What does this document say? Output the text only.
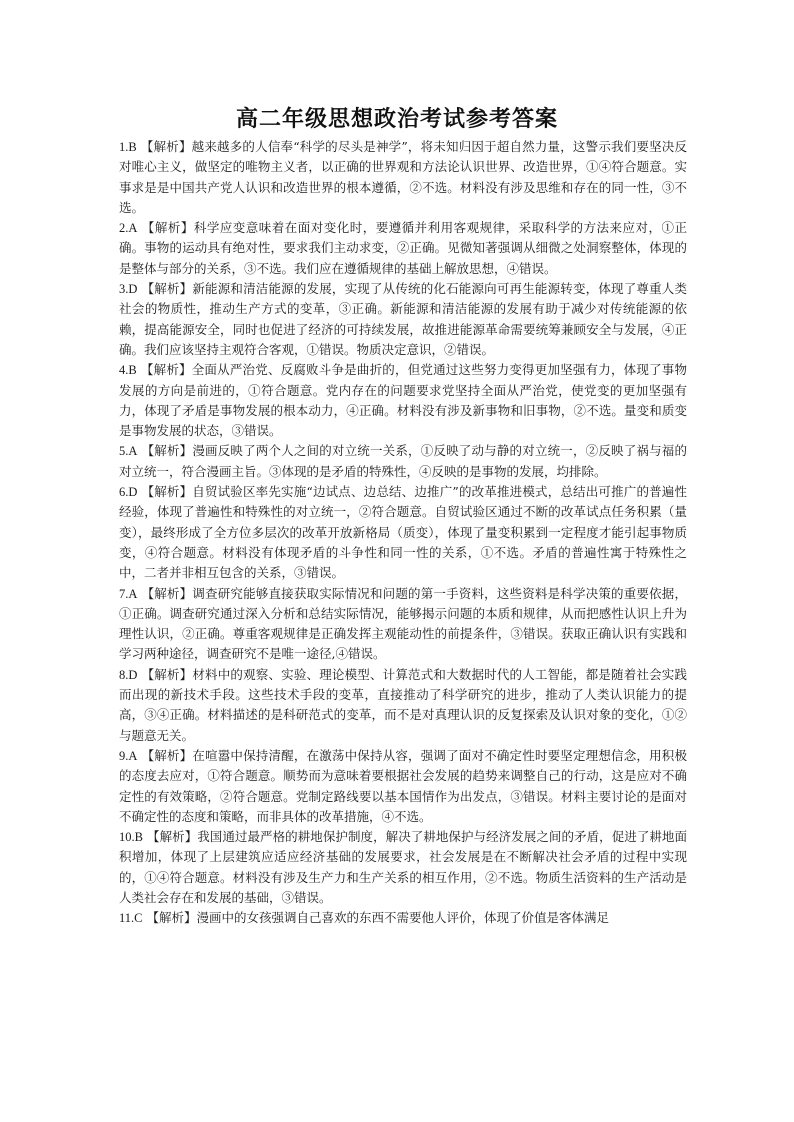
高二年级思想政治考试参考答案

1.B 【解析】越来越多的人信奉“科学的尽头是神学”，将未知归因于超自然力量，这警示我们要坚决反对唯心主义，做坚定的唯物主义者，以正确的世界观和方法论认识世界、改造世界，①④符合题意。实事求是是中国共产党人认识和改造世界的根本遵循，②不选。材料没有涉及思维和存在的同一性，③不选。

2.A 【解析】科学应变意味着在面对变化时，要遵循并利用客观规律，采取科学的方法来应对，①正确。事物的运动具有绝对性，要求我们主动求变，②正确。见微知著强调从细微之处洞察整体，体现的是整体与部分的关系，③不选。我们应在遵循规律的基础上解放思想，④错误。

3.D 【解析】新能源和清洁能源的发展，实现了从传统的化石能源向可再生能源转变，体现了尊重人类社会的物质性，推动生产方式的变革，③正确。新能源和清洁能源的发展有助于减少对传统能源的依赖，提高能源安全，同时也促进了经济的可持续发展，故推进能源革命需要统筹兼顾安全与发展，④正确。我们应该坚持主观符合客观，①错误。物质决定意识，②错误。

4.B 【解析】全面从严治党、反腐败斗争是曲折的，但党通过这些努力变得更加坚强有力，体现了事物发展的方向是前进的，①符合题意。党内存在的问题要求党坚持全面从严治党，使党变的更加坚强有力，体现了矛盾是事物发展的根本动力，④正确。材料没有涉及新事物和旧事物，②不选。量变和质变是事物发展的状态，③错误。

5.A 【解析】漫画反映了两个人之间的对立统一关系，①反映了动与静的对立统一，②反映了祸与福的对立统一，符合漫画主旨。③体现的是矛盾的特殊性，④反映的是事物的发展，均排除。

6.D 【解析】自贸试验区率先实施“边试点、边总结、边推广”的改革推进模式，总结出可推广的普遍性经验，体现了普遍性和特殊性的对立统一，②符合题意。自贸试验区通过不断的改革试点任务积累（量变），最终形成了全方位多层次的改革开放新格局（质变），体现了量变积累到一定程度才能引起事物质变，④符合题意。材料没有体现矛盾的斗争性和同一性的关系，①不选。矛盾的普遍性寓于特殊性之中，二者并非相互包含的关系，③错误。

7.A 【解析】调查研究能够直接获取实际情况和问题的第一手资料，这些资料是科学决策的重要依据，①正确。调查研究通过深入分析和总结实际情况，能够揭示问题的本质和规律，从而把感性认识上升为理性认识，②正确。尊重客观规律是正确发挥主观能动性的前提条件，③错误。获取正确认识有实践和学习两种途径，调查研究不是唯一途径,④错误。

8.D 【解析】材料中的观察、实验、理论模型、计算范式和大数据时代的人工智能，都是随着社会实践而出现的新技术手段。这些技术手段的变革，直接推动了科学研究的进步，推动了人类认识能力的提高，③④正确。材料描述的是科研范式的变革，而不是对真理认识的反复探索及认识对象的变化，①②与题意无关。

9.A 【解析】在喧嚣中保持清醒，在激荡中保持从容，强调了面对不确定性时要坚定理想信念，用积极的态度去应对，①符合题意。顺势而为意味着要根据社会发展的趋势来调整自己的行动，这是应对不确定性的有效策略，②符合题意。党制定路线要以基本国情作为出发点，③错误。材料主要讨论的是面对不确定性的态度和策略，而非具体的改革措施，④不选。

10.B 【解析】我国通过最严格的耕地保护制度，解决了耕地保护与经济发展之间的矛盾，促进了耕地面积增加，体现了上层建筑应适应经济基础的发展要求，社会发展是在不断解决社会矛盾的过程中实现的，①④符合题意。材料没有涉及生产力和生产关系的相互作用，②不选。物质生活资料的生产活动是人类社会存在和发展的基础，③错误。

11.C 【解析】漫画中的女孩强调自己喜欢的东西不需要他人评价，体现了价值是客体满足
